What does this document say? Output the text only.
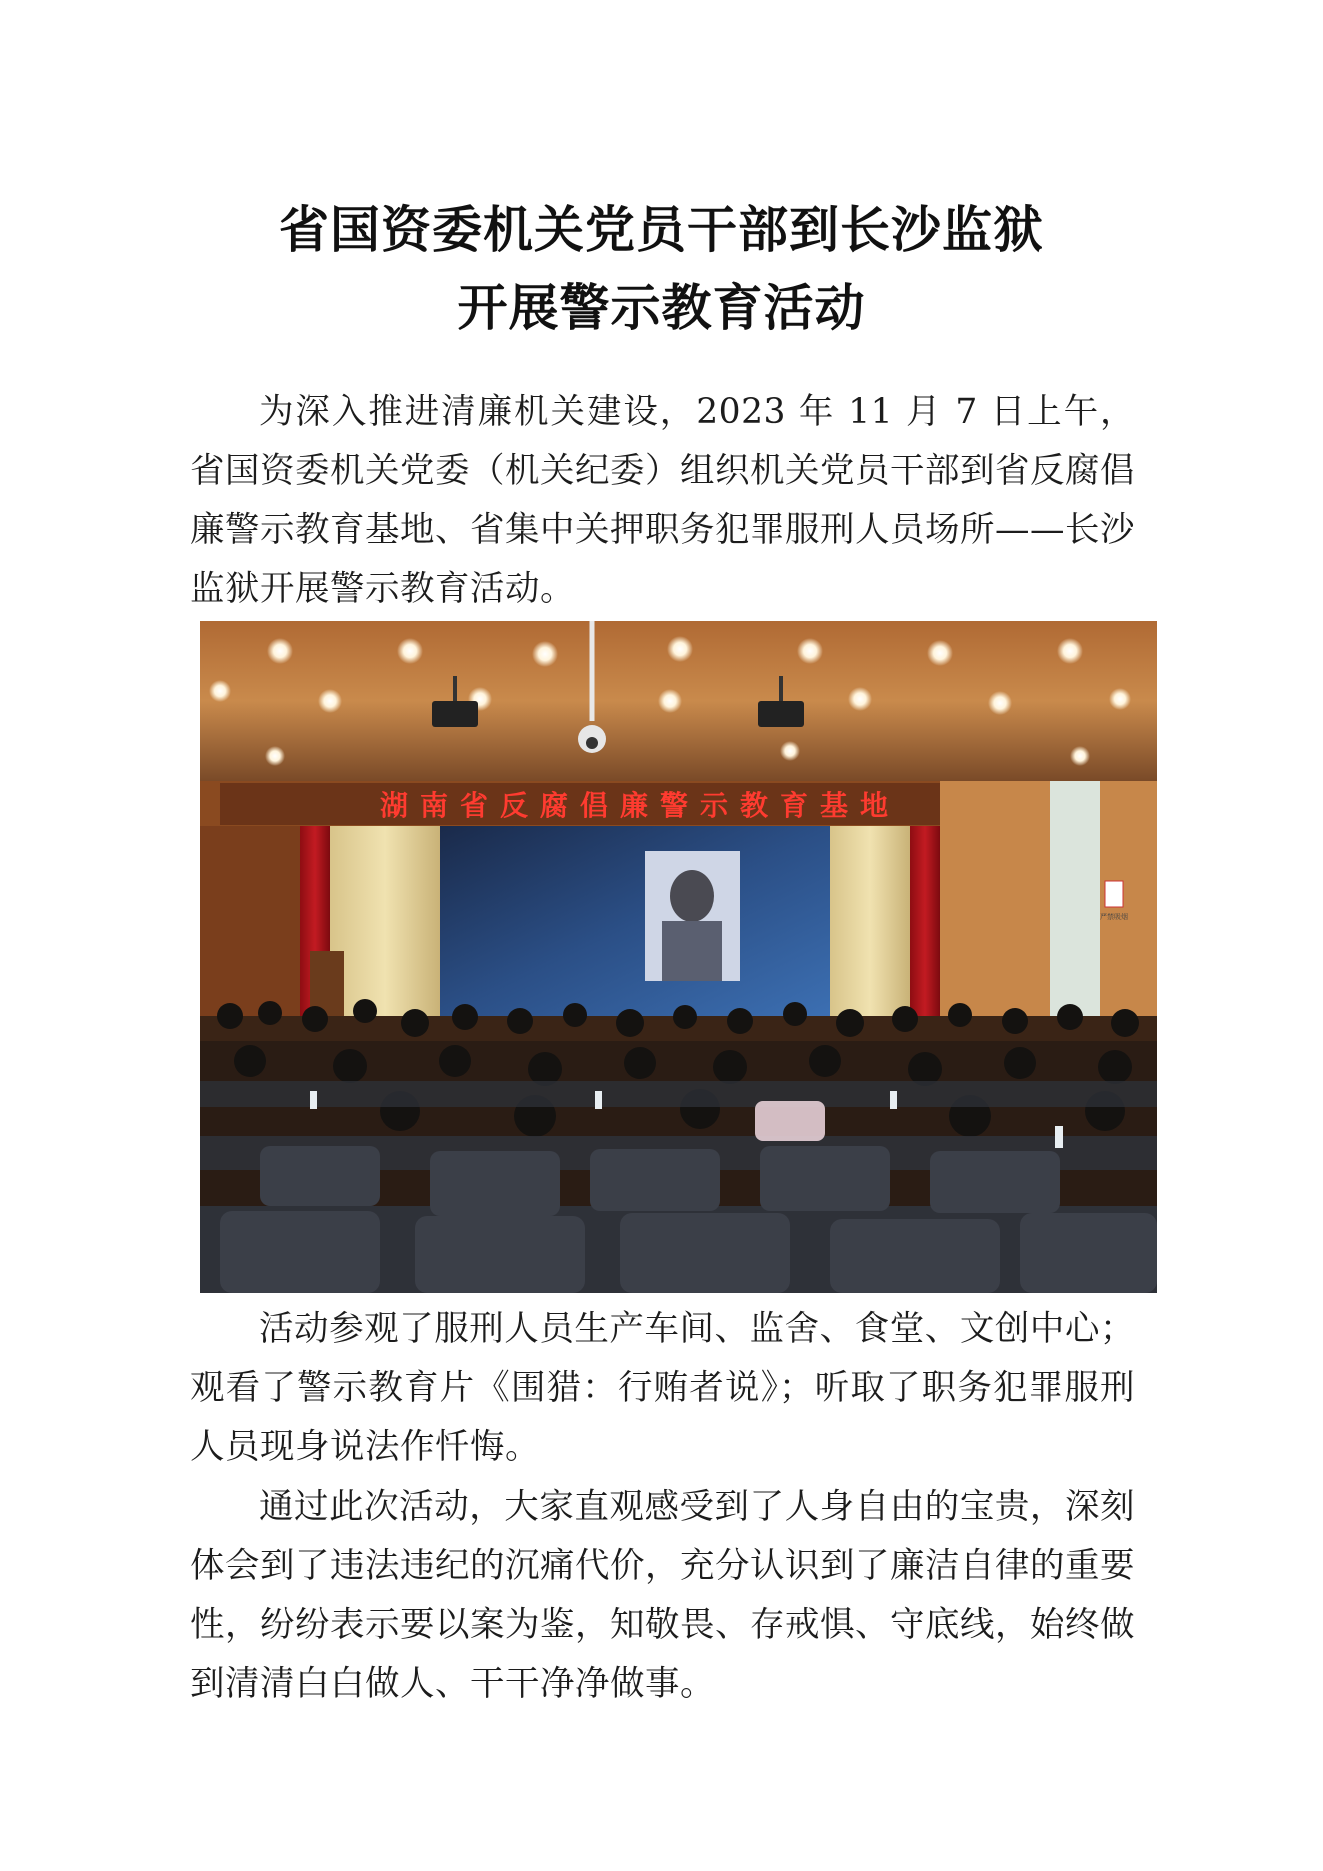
省国资委机关党员干部到长沙监狱
开展警示教育活动

为深入推进清廉机关建设，2023 年 11 月 7 日上午，省国资委机关党委（机关纪委）组织机关党员干部到省反腐倡廉警示教育基地、省集中关押职务犯罪服刑人员场所——长沙监狱开展警示教育活动。

湖南省反腐倡廉警示教育基地
严禁吸烟

活动参观了服刑人员生产车间、监舍、食堂、文创中心；观看了警示教育片《围猎：行贿者说》；听取了职务犯罪服刑人员现身说法作忏悔。

通过此次活动，大家直观感受到了人身自由的宝贵，深刻体会到了违法违纪的沉痛代价，充分认识到了廉洁自律的重要性，纷纷表示要以案为鉴，知敬畏、存戒惧、守底线，始终做到清清白白做人、干干净净做事。
